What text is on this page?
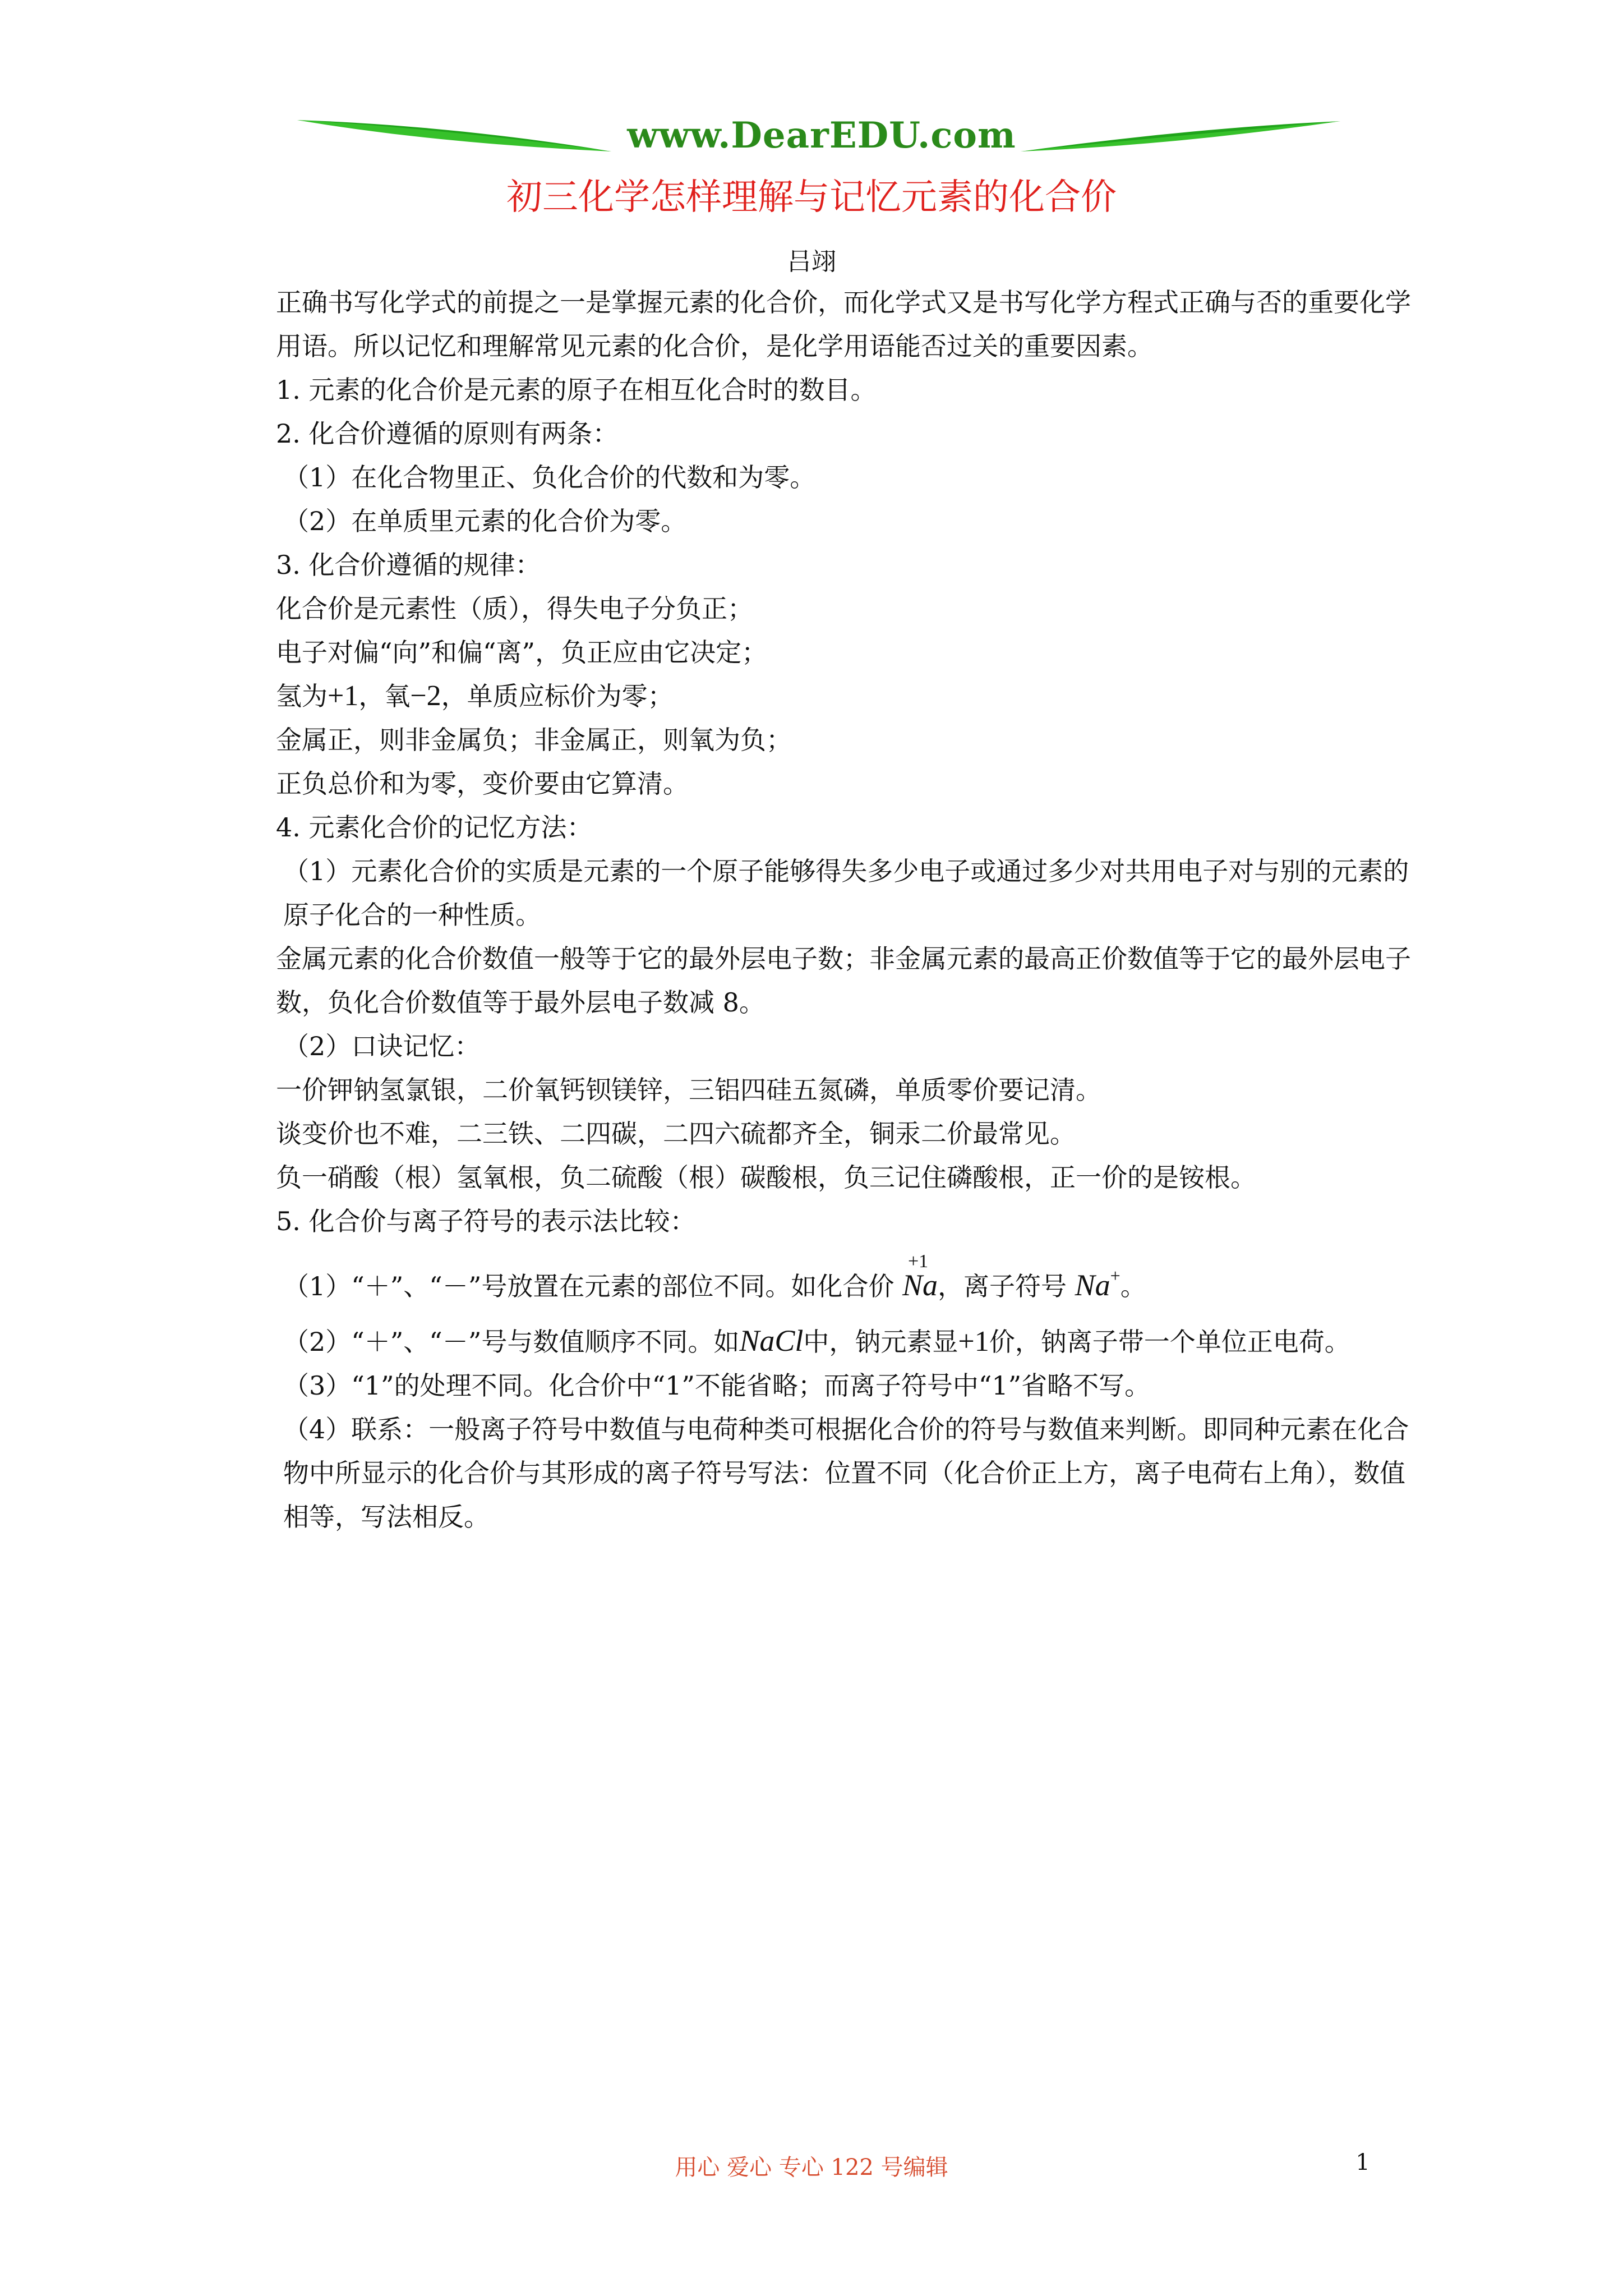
www.DearEDU.com
初三化学怎样理解与记忆元素的化合价
吕翊

正确书写化学式的前提之一是掌握元素的化合价，而化学式又是书写化学方程式正确与否的重要化学用语。所以记忆和理解常见元素的化合价，是化学用语能否过关的重要因素。

1. 元素的化合价是元素的原子在相互化合时的数目。

2. 化合价遵循的原则有两条：

（1）在化合物里正、负化合价的代数和为零。

（2）在单质里元素的化合价为零。

3. 化合价遵循的规律：

化合价是元素性（质），得失电子分负正；

电子对偏“向”和偏“离”，负正应由它决定；

氢为+1，氧−2，单质应标价为零；

金属正，则非金属负；非金属正，则氧为负；

正负总价和为零，变价要由它算清。

4. 元素化合价的记忆方法：

（1）元素化合价的实质是元素的一个原子能够得失多少电子或通过多少对共用电子对与别的元素的原子化合的一种性质。

金属元素的化合价数值一般等于它的最外层电子数；非金属元素的最高正价数值等于它的最外层电子数，负化合价数值等于最外层电子数减 8。

（2）口诀记忆：

一价钾钠氢氯银，二价氧钙钡镁锌，三铝四硅五氮磷，单质零价要记清。

谈变价也不难，二三铁、二四碳，二四六硫都齐全，铜汞二价最常见。

负一硝酸（根）氢氧根，负二硫酸（根）碳酸根，负三记住磷酸根，正一价的是铵根。

5. 化合价与离子符号的表示法比较：

（1）“＋”、“－”号放置在元素的部位不同。如化合价
+1
Na，离子符号 Na+。

（2）“＋”、“－”号与数值顺序不同。如NaCl中，钠元素显+1价，钠离子带一个单位正电荷。

（3）“1”的处理不同。化合价中“1”不能省略；而离子符号中“1”省略不写。

（4）联系：一般离子符号中数值与电荷种类可根据化合价的符号与数值来判断。即同种元素在化合物中所显示的化合价与其形成的离子符号写法：位置不同（化合价正上方，离子电荷右上角），数值相等，写法相反。

用心 爱心 专心 122 号编辑	1
